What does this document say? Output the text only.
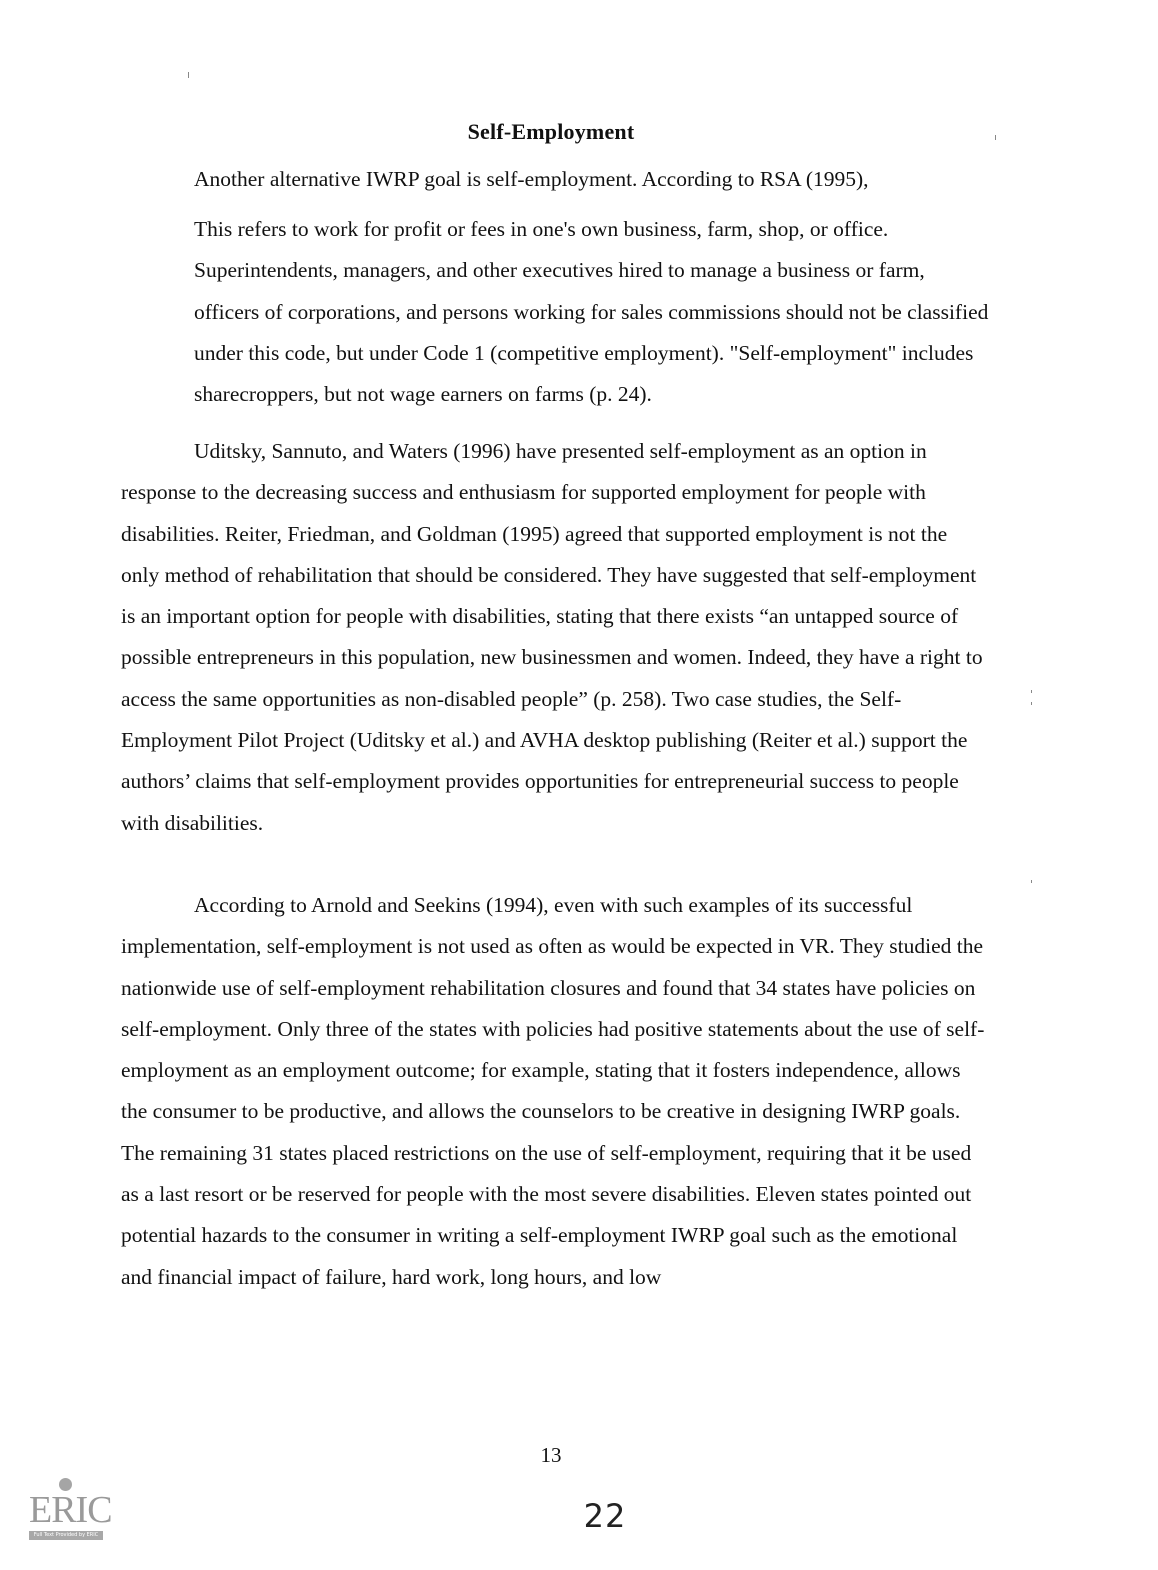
Self-Employment

Another alternative IWRP goal is self-employment. According to RSA (1995),

This refers to work for profit or fees in one's own business, farm, shop, or office. Superintendents, managers, and other executives hired to manage a business or farm, officers of corporations, and persons working for sales commissions should not be classified under this code, but under Code 1 (competitive employment). "Self-employment" includes sharecroppers, but not wage earners on farms (p. 24).

Uditsky, Sannuto, and Waters (1996) have presented self-employment as an option in response to the decreasing success and enthusiasm for supported employment for people with disabilities. Reiter, Friedman, and Goldman (1995) agreed that supported employment is not the only method of rehabilitation that should be considered. They have suggested that self-employment is an important option for people with disabilities, stating that there exists “an untapped source of possible entrepreneurs in this population, new businessmen and women. Indeed, they have a right to access the same opportunities as non-disabled people” (p. 258). Two case studies, the Self-Employment Pilot Project (Uditsky et al.) and AVHA desktop publishing (Reiter et al.) support the authors’ claims that self-employment provides opportunities for entrepreneurial success to people with disabilities.

According to Arnold and Seekins (1994), even with such examples of its successful implementation, self-employment is not used as often as would be expected in VR. They studied the nationwide use of self-employment rehabilitation closures and found that 34 states have policies on self-employment. Only three of the states with policies had positive statements about the use of self-employment as an employment outcome; for example, stating that it fosters independence, allows the consumer to be productive, and allows the counselors to be creative in designing IWRP goals. The remaining 31 states placed restrictions on the use of self-employment, requiring that it be used as a last resort or be reserved for people with the most severe disabilities. Eleven states pointed out potential hazards to the consumer in writing a self-employment IWRP goal such as the emotional and financial impact of failure, hard work, long hours, and low

13
22
ERIC
Full Text Provided by ERIC
